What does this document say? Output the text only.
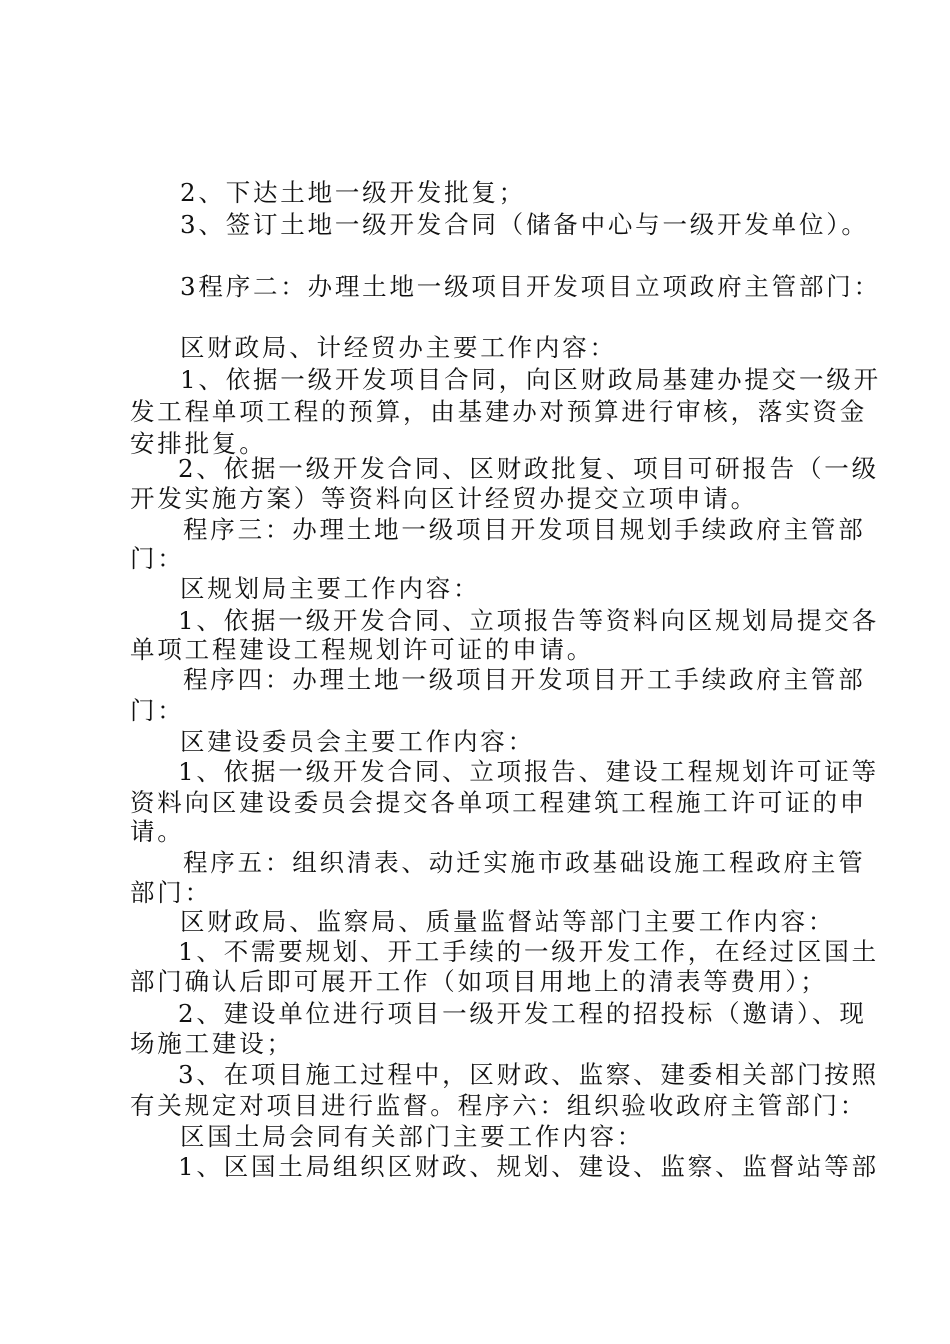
2、下达土地一级开发批复；
3、签订土地一级开发合同（储备中心与一级开发单位）。
3程序二：办理土地一级项目开发项目立项政府主管部门：
区财政局、计经贸办主要工作内容：
1、依据一级开发项目合同，向区财政局基建办提交一级开
发工程单项工程的预算，由基建办对预算进行审核，落实资金
安排批复。
2、依据一级开发合同、区财政批复、项目可研报告（一级
开发实施方案）等资料向区计经贸办提交立项申请。
程序三：办理土地一级项目开发项目规划手续政府主管部
门：
区规划局主要工作内容：
1、依据一级开发合同、立项报告等资料向区规划局提交各
单项工程建设工程规划许可证的申请。
程序四：办理土地一级项目开发项目开工手续政府主管部
门：
区建设委员会主要工作内容：
1、依据一级开发合同、立项报告、建设工程规划许可证等
资料向区建设委员会提交各单项工程建筑工程施工许可证的申
请。
程序五：组织清表、动迁实施市政基础设施工程政府主管
部门：
区财政局、监察局、质量监督站等部门主要工作内容：
1、不需要规划、开工手续的一级开发工作，在经过区国土
部门确认后即可展开工作（如项目用地上的清表等费用）；
2、建设单位进行项目一级开发工程的招投标（邀请）、现
场施工建设；
3、在项目施工过程中，区财政、监察、建委相关部门按照
有关规定对项目进行监督。程序六：组织验收政府主管部门：
区国土局会同有关部门主要工作内容：
1、区国土局组织区财政、规划、建设、监察、监督站等部
